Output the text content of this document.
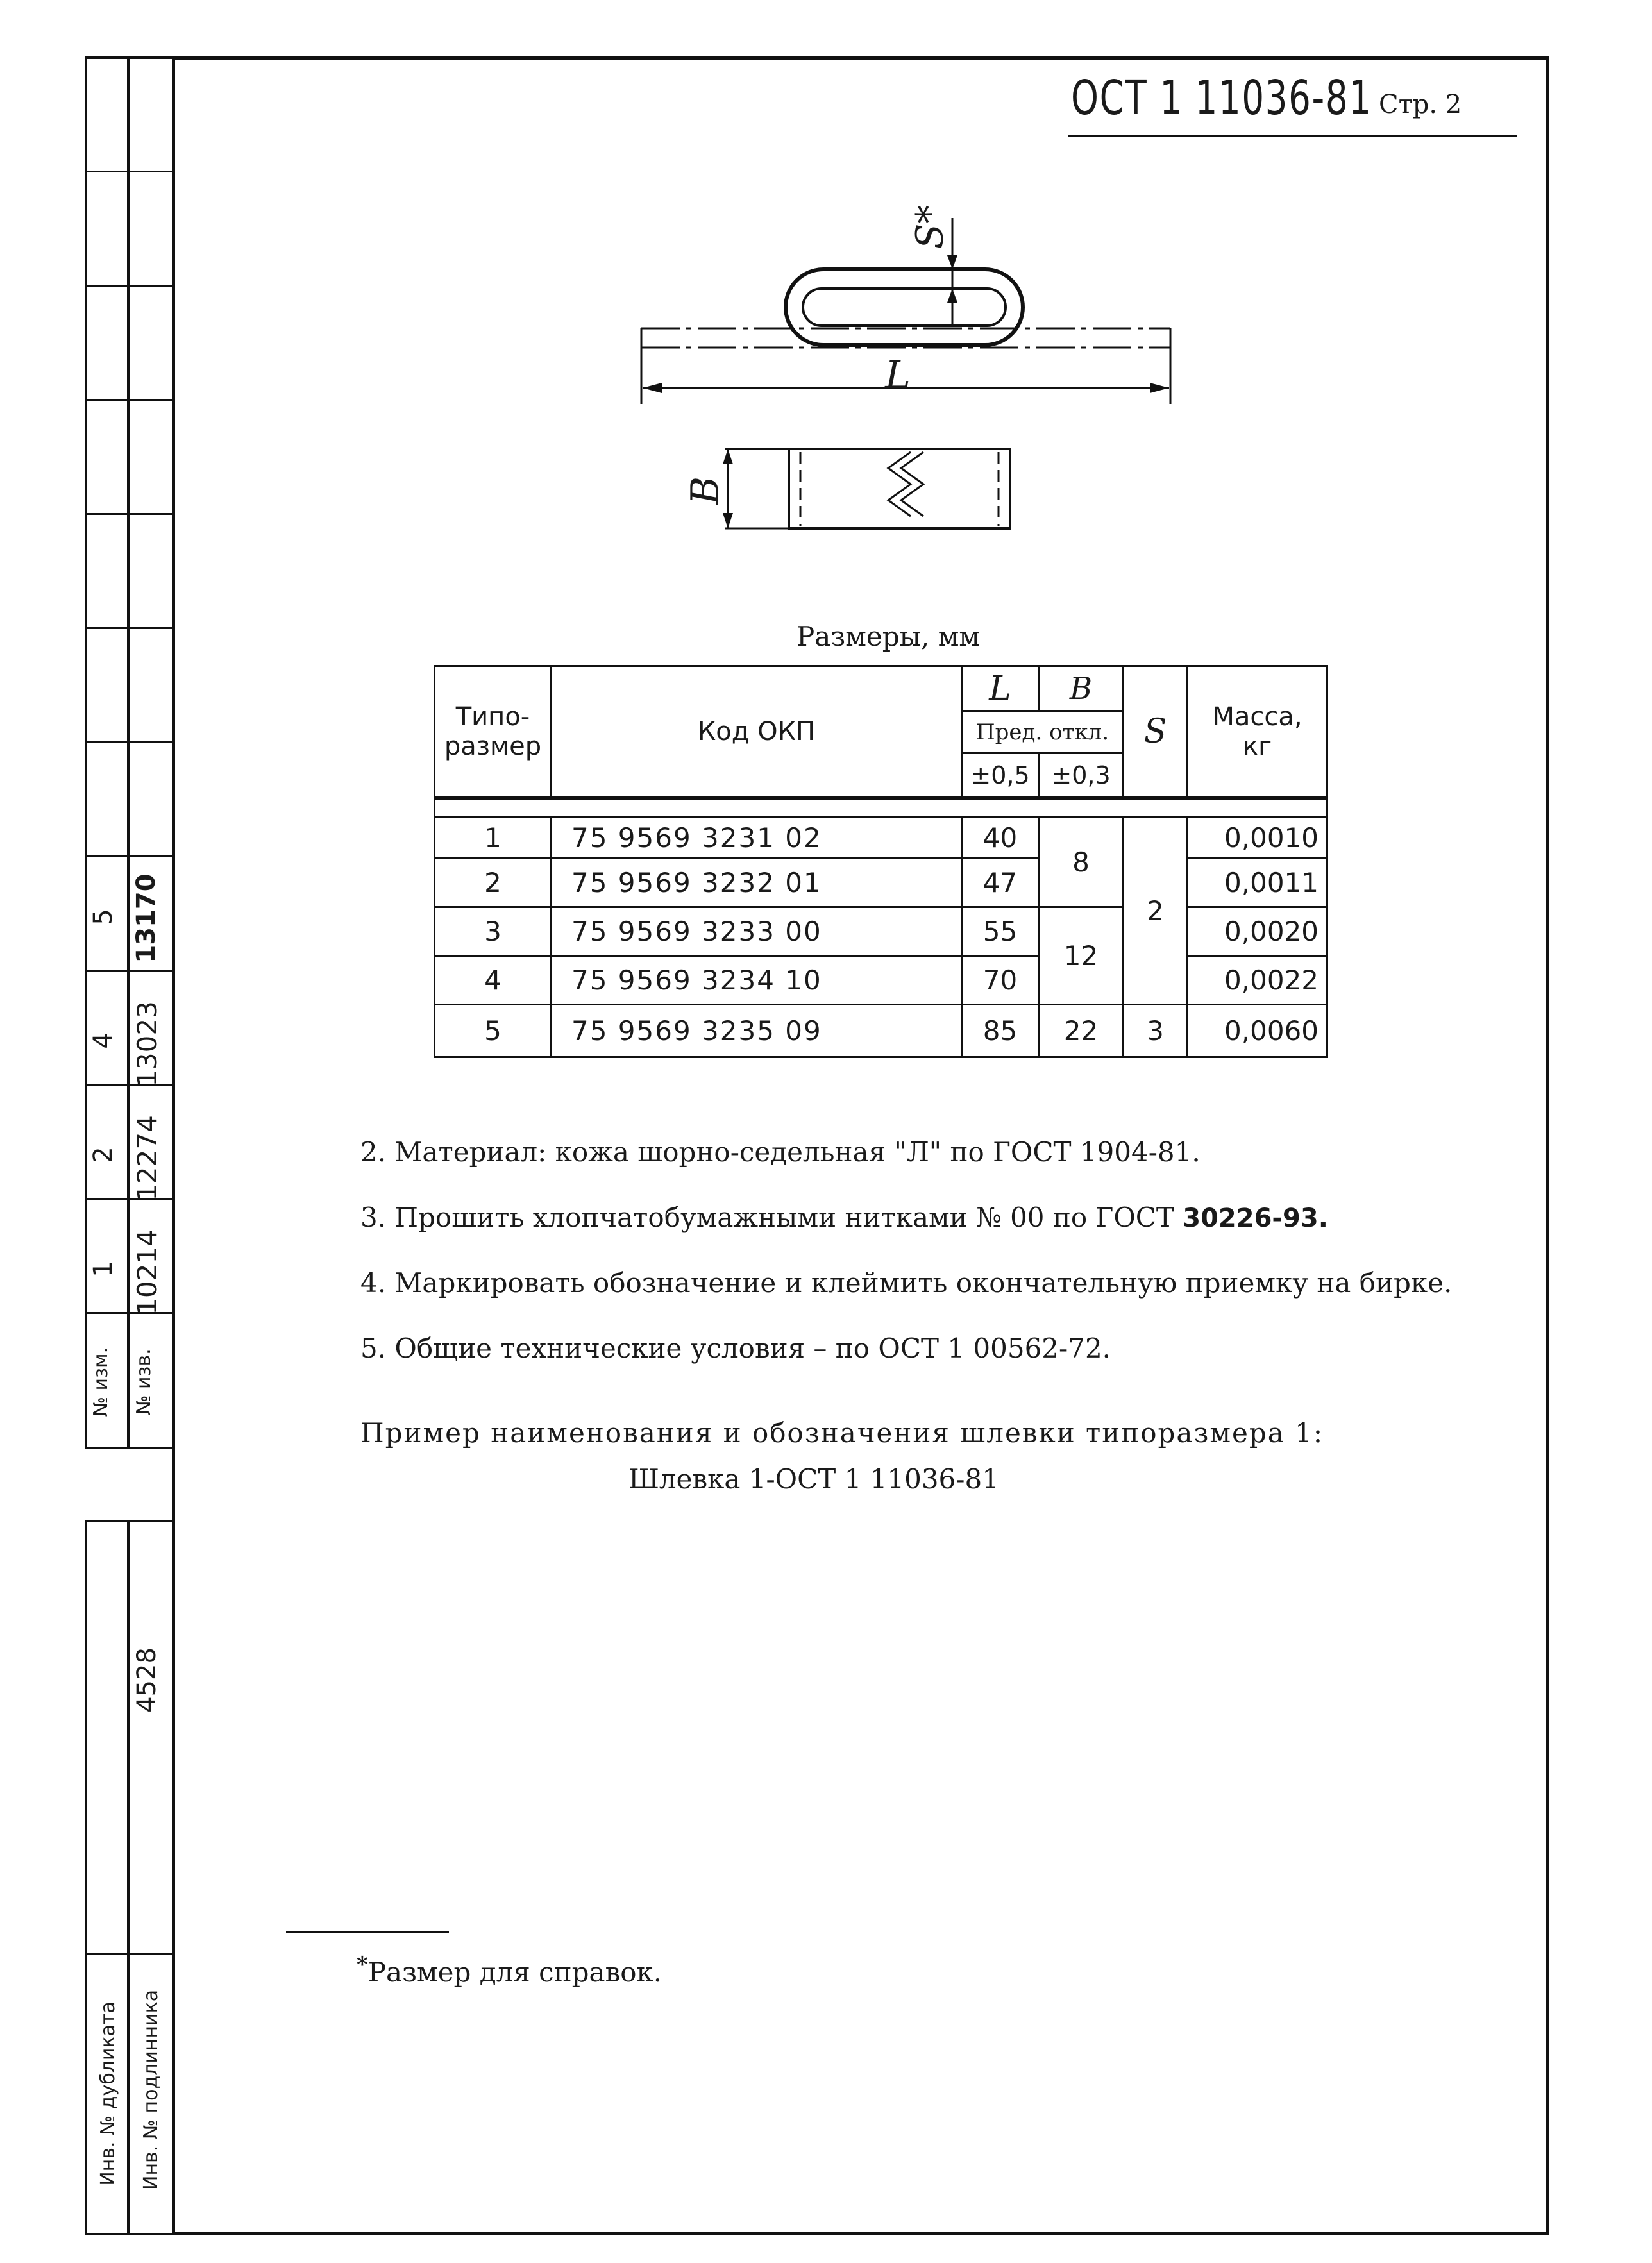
5 13170
4 13023
2 12274
1 10214
№ изм.	№ изв.
4528
Инв. № дубликата	Инв. № подлинника
ОСТ 1 11036-81 Стр. 2
S*
L
B
Размеры, мм
Типо-
размер	Код ОКП	L	B	S	Масса,
кг
		Пред. откл.			
		±0,5	±0,3		

1	75 9569 3231 02	40	8	2	0,0010
2	75 9569 3232 01	47			0,0011
3	75 9569 3233 00	55	12		0,0020
4	75 9569 3234 10	70			0,0022
5	75 9569 3235 09	85	22	3	0,0060
2. Материал: кожа шорно-седельная "Л" по ГОСТ 1904-81.
3. Прошить хлопчатобумажными нитками № 00 по ГОСТ 30226-93.
4. Маркировать обозначение и клеймить окончательную приемку на бирке.
5. Общие технические условия – по ОСТ 1 00562-72.
Пример наименования и обозначения шлевки типоразмера 1:
Шлевка 1-ОСТ 1 11036-81
*Размер для справок.
